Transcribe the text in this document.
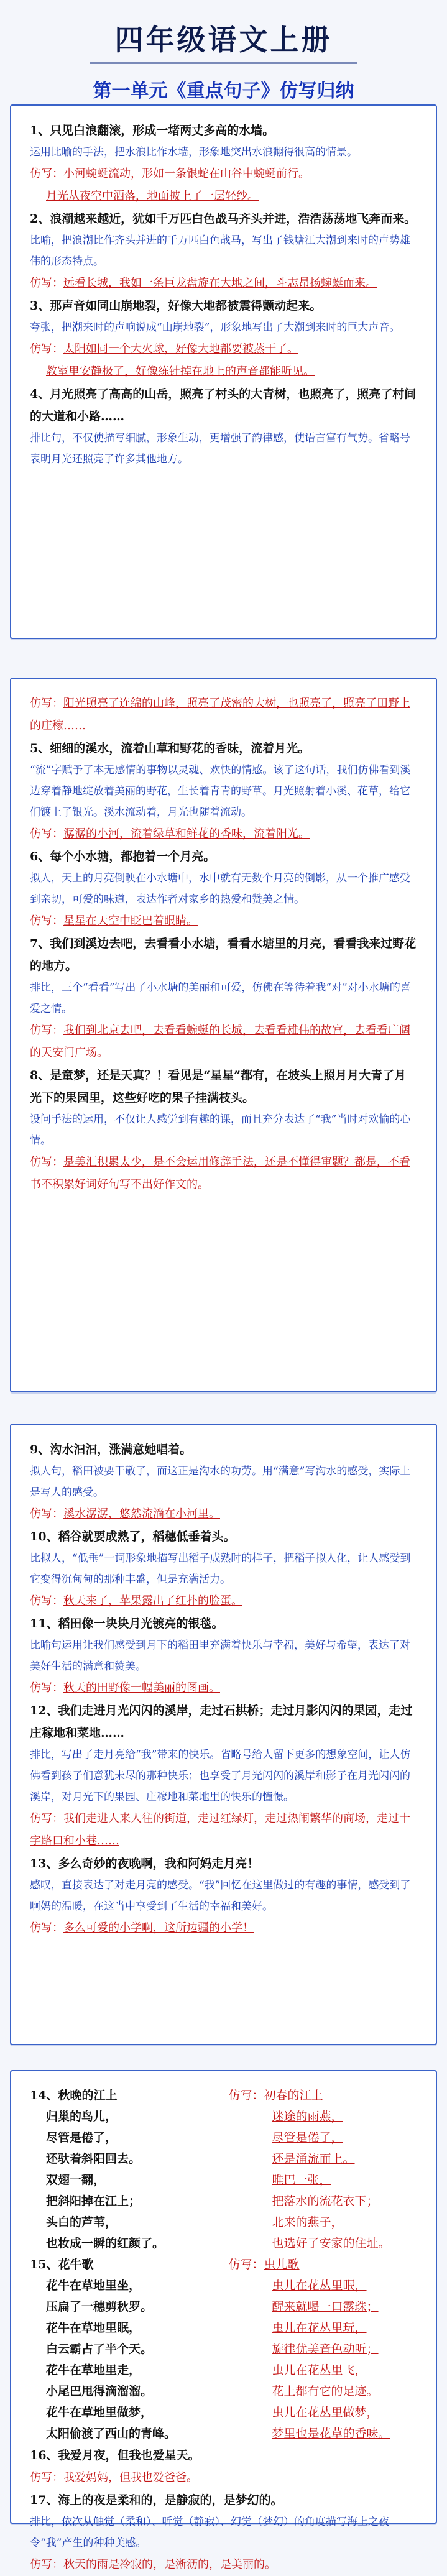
四年级语文上册
第一单元《重点句子》仿写归纳
1、只见白浪翻滚，形成一堵两丈多高的水墙。
运用比喻的手法，把水浪比作水墙，形象地突出水浪翻得很高的情景。
仿写：小河蜿蜒流动，形如一条银蛇在山谷中蜿蜒前行。
月光从夜空中洒落，地面披上了一层轻纱。
2、浪潮越来越近，犹如千万匹白色战马齐头并进，浩浩荡荡地飞奔而来。
比喻，把浪潮比作齐头并进的千万匹白色战马，写出了钱塘江大潮到来时的声势雄伟的形态特点。
仿写：远看长城，我如一条巨龙盘旋在大地之间，斗志昂扬蜿蜒而来。
3、那声音如同山崩地裂，好像大地都被震得颤动起来。
夸张，把潮来时的声响说成“山崩地裂”，形象地写出了大潮到来时的巨大声音。
仿写：太阳如同一个大火球，好像大地都要被蒸干了。
教室里安静极了，好像练针掉在地上的声音都能听见。
4、月光照亮了高高的山岳，照亮了村头的大青树，也照亮了，照亮了村间的大道和小路……
排比句，不仅使描写细腻，形象生动，更增强了韵律感，使语言富有气势。省略号表明月光还照亮了许多其他地方。
仿写：阳光照亮了连绵的山峰，照亮了茂密的大树，也照亮了，照亮了田野上的庄稼……
5、细细的溪水，流着山草和野花的香味，流着月光。
“流”字赋予了本无感情的事物以灵魂、欢快的情感。该了这句话，我们仿佛看到溪边穿着静地绽放着美丽的野花，生长着青青的野草。月光照射着小溪、花草，给它们镀上了银光。溪水流动着，月光也随着流动。
仿写：潺潺的小河，流着绿草和鲜花的香味，流着阳光。
6、每个小水塘，都抱着一个月亮。
拟人，天上的月亮倒映在小水塘中，水中就有无数个月亮的倒影，从一个推广感受到亲切，可爱的味道，表达作者对家乡的热爱和赞美之情。
仿写：星星在天空中眨巴着眼睛。
7、我们到溪边去吧，去看看小水塘，看看水塘里的月亮，看看我来过野花的地方。
排比，三个“看看”写出了小水塘的美丽和可爱，仿佛在等待着我“对”对小水塘的喜爱之情。
仿写：我们到北京去吧，去看看蜿蜒的长城，去看看雄伟的故宫，去看看广阔的天安门广场。
8、是童梦，还是天真？！看见是“星星”都有，在坡头上照月月大青了月光下的果园里，这些好吃的果子挂满枝头。
设问手法的运用，不仅让人感觉到有趣的课，而且充分表达了“我”当时对欢愉的心情。
仿写：是美汇积累太少，是不会运用修辞手法，还是不懂得审题？都是，不看书不积累好词好句写不出好作文的。
9、沟水汩汩，涨满意她唱着。
拟人句，稻田被要干敬了，而这正是沟水的功劳。用“满意”写沟水的感受，实际上是写人的感受。
仿写：溪水潺潺，悠然流淌在小河里。
10、稻谷就要成熟了，稻穗低垂着头。
比拟人，“低垂”一词形象地描写出稻子成熟时的样子，把稻子拟人化，让人感受到它变得沉甸甸的那种丰盛，但是充满活力。
仿写：秋天来了，苹果露出了红扑的脸蛋。
11、稻田像一块块月光镀亮的银毯。
比喻句运用让我们感受到月下的稻田里充满着快乐与幸福，美好与希望，表达了对美好生活的满意和赞美。
仿写：秋天的田野像一幅美丽的图画。
12、我们走进月光闪闪的溪岸，走过石拱桥；走过月影闪闪的果园，走过庄稼地和菜地……
排比，写出了走月亮给“我”带来的快乐。省略号给人留下更多的想象空间，让人仿佛看到孩子们意犹未尽的那种快乐；也享受了月光闪闪的溪岸和影子在月光闪闪的溪岸，对月光下的果园、庄稼地和菜地里的快乐的憧憬。
仿写：我们走进人来人往的街道，走过红绿灯，走过热闹繁华的商场，走过十字路口和小巷……
13、多么奇妙的夜晚啊，我和阿妈走月亮！
感叹，直接表达了对走月亮的感受。“我”回忆在这里做过的有趣的事情，感受到了啊妈的温暖，在这当中享受到了生活的幸福和美好。
仿写：多么可爱的小学啊，这所边疆的小学！
14、秋晚的江上
归巢的鸟儿，
尽管是倦了，
还驮着斜阳回去。
双翅一翻，
把斜阳掉在江上；
头白的芦苇，
也妆成一瞬的红颜了。
仿写：初春的江上
迷途的雨燕，
尽管是倦了，
还是涌流而上。
唯巴一张，
把落水的流花衣下；
北来的燕子，
也选好了安家的住址。
15、花牛歌
花牛在草地里坐，
压扁了一穗剪秋罗。
花牛在草地里眠，
白云霸占了半个天。
花牛在草地里走，
小尾巴甩得滴溜溜。
花牛在草地里做梦，
太阳偷渡了西山的青峰。
仿写：虫儿歌
虫儿在花丛里眠，
醒来就喝一口露珠；
虫儿在花丛里玩，
旋律优美音色动听；
虫儿在花丛里飞，
花上都有它的足迹。
虫儿在花丛里做梦，
梦里也是花草的香味。
16、我爱月夜，但我也爱星天。
仿写：我爱妈妈，但我也爱爸爸。
17、海上的夜是柔和的，是静寂的，是梦幻的。
排比，依次从触觉（柔和）、听觉（静寂）、幻觉（梦幻）的角度描写海上之夜令“我”产生的种种美感。
仿写：秋天的雨是冷寂的，是淅沥的，是美丽的。
